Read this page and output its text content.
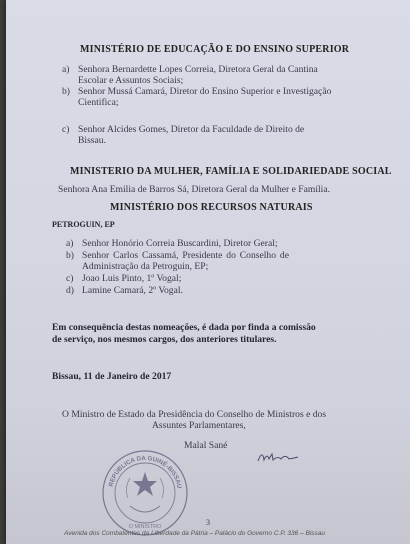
MINISTÉRIO DE EDUCAÇÃO E DO ENSINO SUPERIOR
a) Senhora Bernardette Lopes Correia, Diretora Geral da Cantina
Escolar e Assuntos Sociais;
b) Senhor Mussá Camará, Diretor do Ensino Superior e Investigação
Cientifica;
c) Senhor Alcides Gomes, Diretor da Faculdade de Direito de
Bissau.
MINISTERIO DA MULHER, FAMÍLIA E SOLIDARIEDADE SOCIAL
Senhora Ana Emilia de Barros Sá, Diretora Geral da Mulher e Família.
MINISTÉRIO DOS RECURSOS NATURAIS
PETROGUIN, EP
a) Senhor Honório Correia Buscardini, Diretor Geral;
b) Senhor Carlos Cassamá, Presidente do Conselho de
Administração da Petroguin, EP;
c) Joao Luis Pinto, 1º Vogal;
d) Lamine Camará, 2º Vogal.
Em consequência destas nomeações, é dada por finda a comissão
de serviço, nos mesmos cargos, dos anteriores titulares.
Bissau, 11 de Janeiro de 2017
O Ministro de Estado da Presidência do Conselho de Ministros e dos
Assuntes Parlamentares,
Malal Sané
REPÚBLICA DA GUINÉ-BISSAU
O MINISTRO	3
Avenida dos Combatentes da Liberdade da Pátria – Palácio do Governo C.P. 336 – Bissau
